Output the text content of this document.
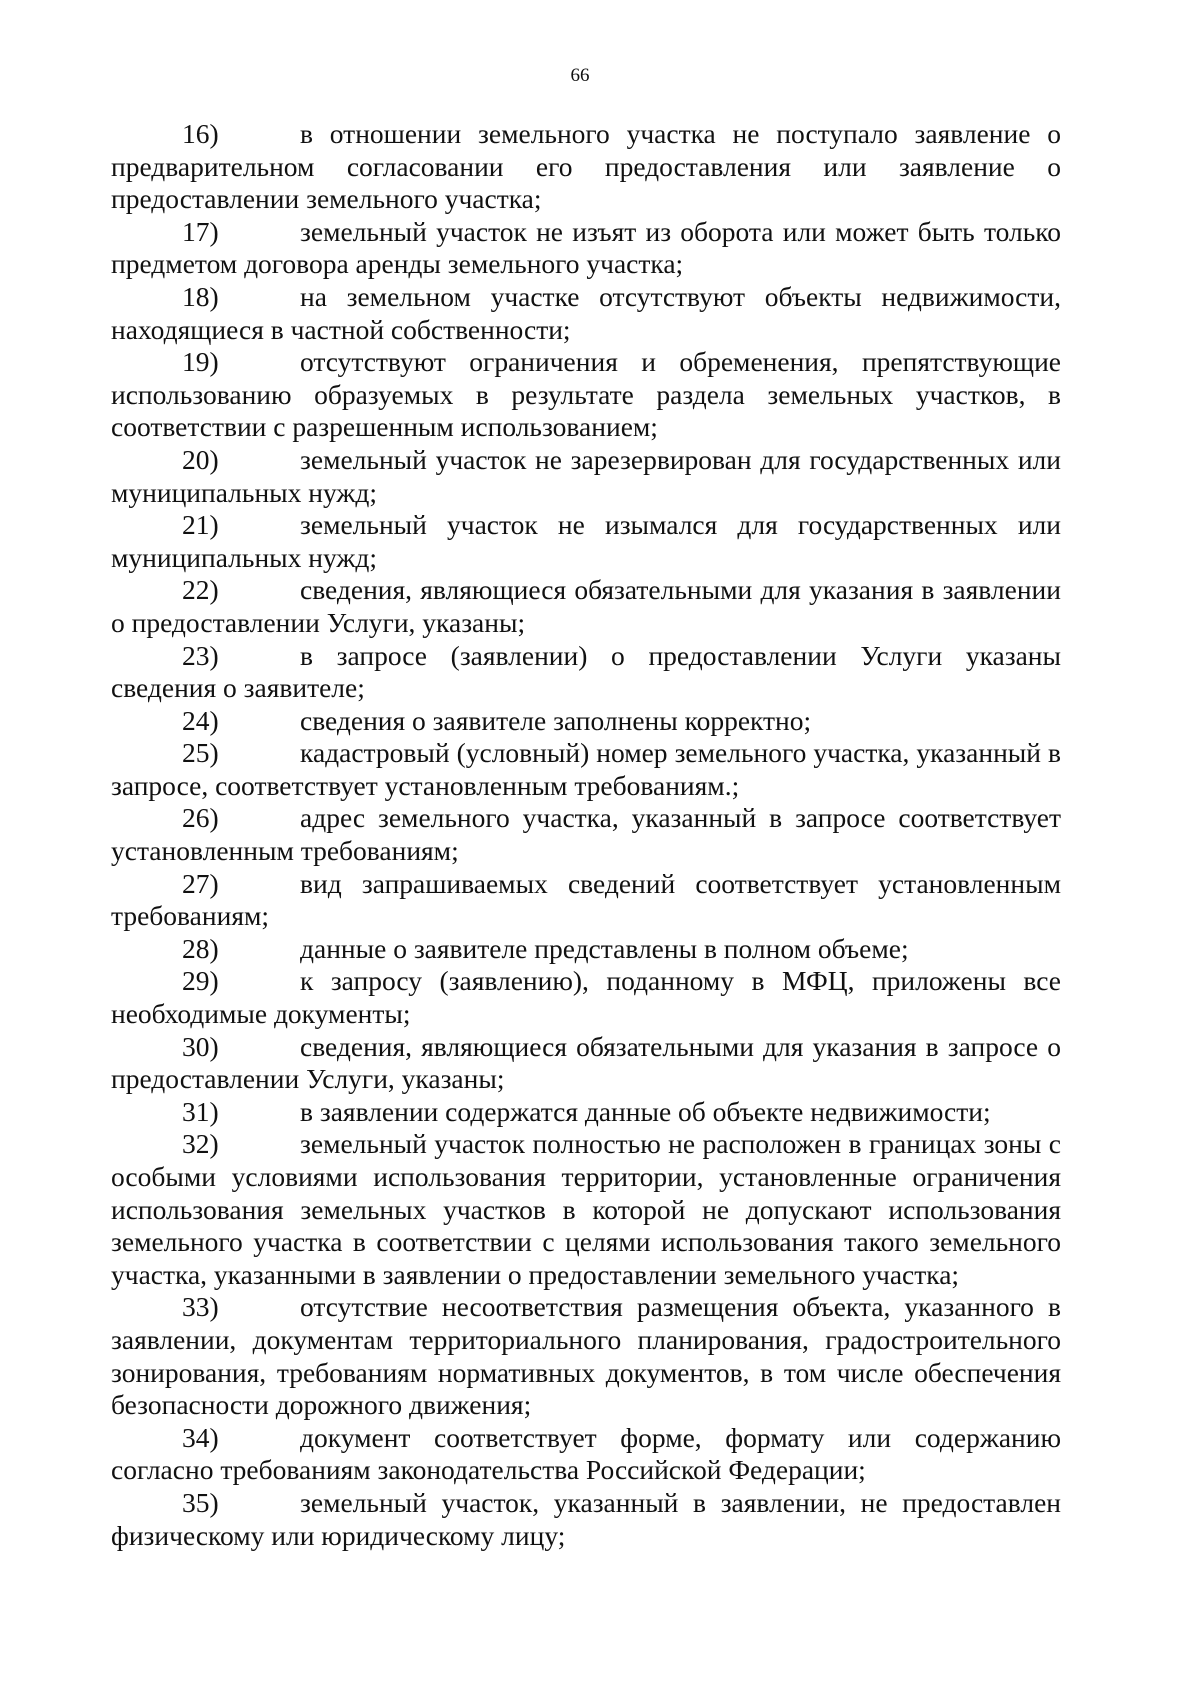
66

16)	в отношении земельного участка не поступало заявление о предварительном согласовании его предоставления или заявление о предоставлении земельного участка;

17)	земельный участок не изъят из оборота или может быть только предметом договора аренды земельного участка;

18)	на земельном участке отсутствуют объекты недвижимости, находящиеся в частной собственности;

19)	отсутствуют ограничения и обременения, препятствующие использованию образуемых в результате раздела земельных участков, в соответствии с разрешенным использованием;

20)	земельный участок не зарезервирован для государственных или муниципальных нужд;

21)	земельный участок не изымался для государственных или муниципальных нужд;

22)	сведения, являющиеся обязательными для указания в заявлении о предоставлении Услуги, указаны;

23)	в запросе (заявлении) о предоставлении Услуги указаны сведения о заявителе;

24)	сведения о заявителе заполнены корректно;

25)	кадастровый (условный) номер земельного участка, указанный в запросе, соответствует установленным требованиям.;

26)	адрес земельного участка, указанный в запросе соответствует установленным требованиям;

27)	вид запрашиваемых сведений соответствует установленным требованиям;

28)	данные о заявителе представлены в полном объеме;

29)	к запросу (заявлению), поданному в МФЦ, приложены все необходимые документы;

30)	сведения, являющиеся обязательными для указания в запросе о предоставлении Услуги, указаны;

31)	в заявлении содержатся данные об объекте недвижимости;

32)	земельный участок полностью не расположен в границах зоны с особыми условиями использования территории, установленные ограничения использования земельных участков в которой не допускают использования земельного участка в соответствии с целями использования такого земельного участка, указанными в заявлении о предоставлении земельного участка;

33)	отсутствие несоответствия размещения объекта, указанного в заявлении, документам территориального планирования, градостроительного зонирования, требованиям нормативных документов, в том числе обеспечения безопасности дорожного движения;

34)	документ соответствует форме, формату или содержанию согласно требованиям законодательства Российской Федерации;

35)	земельный участок, указанный в заявлении, не предоставлен физическому или юридическому лицу;
